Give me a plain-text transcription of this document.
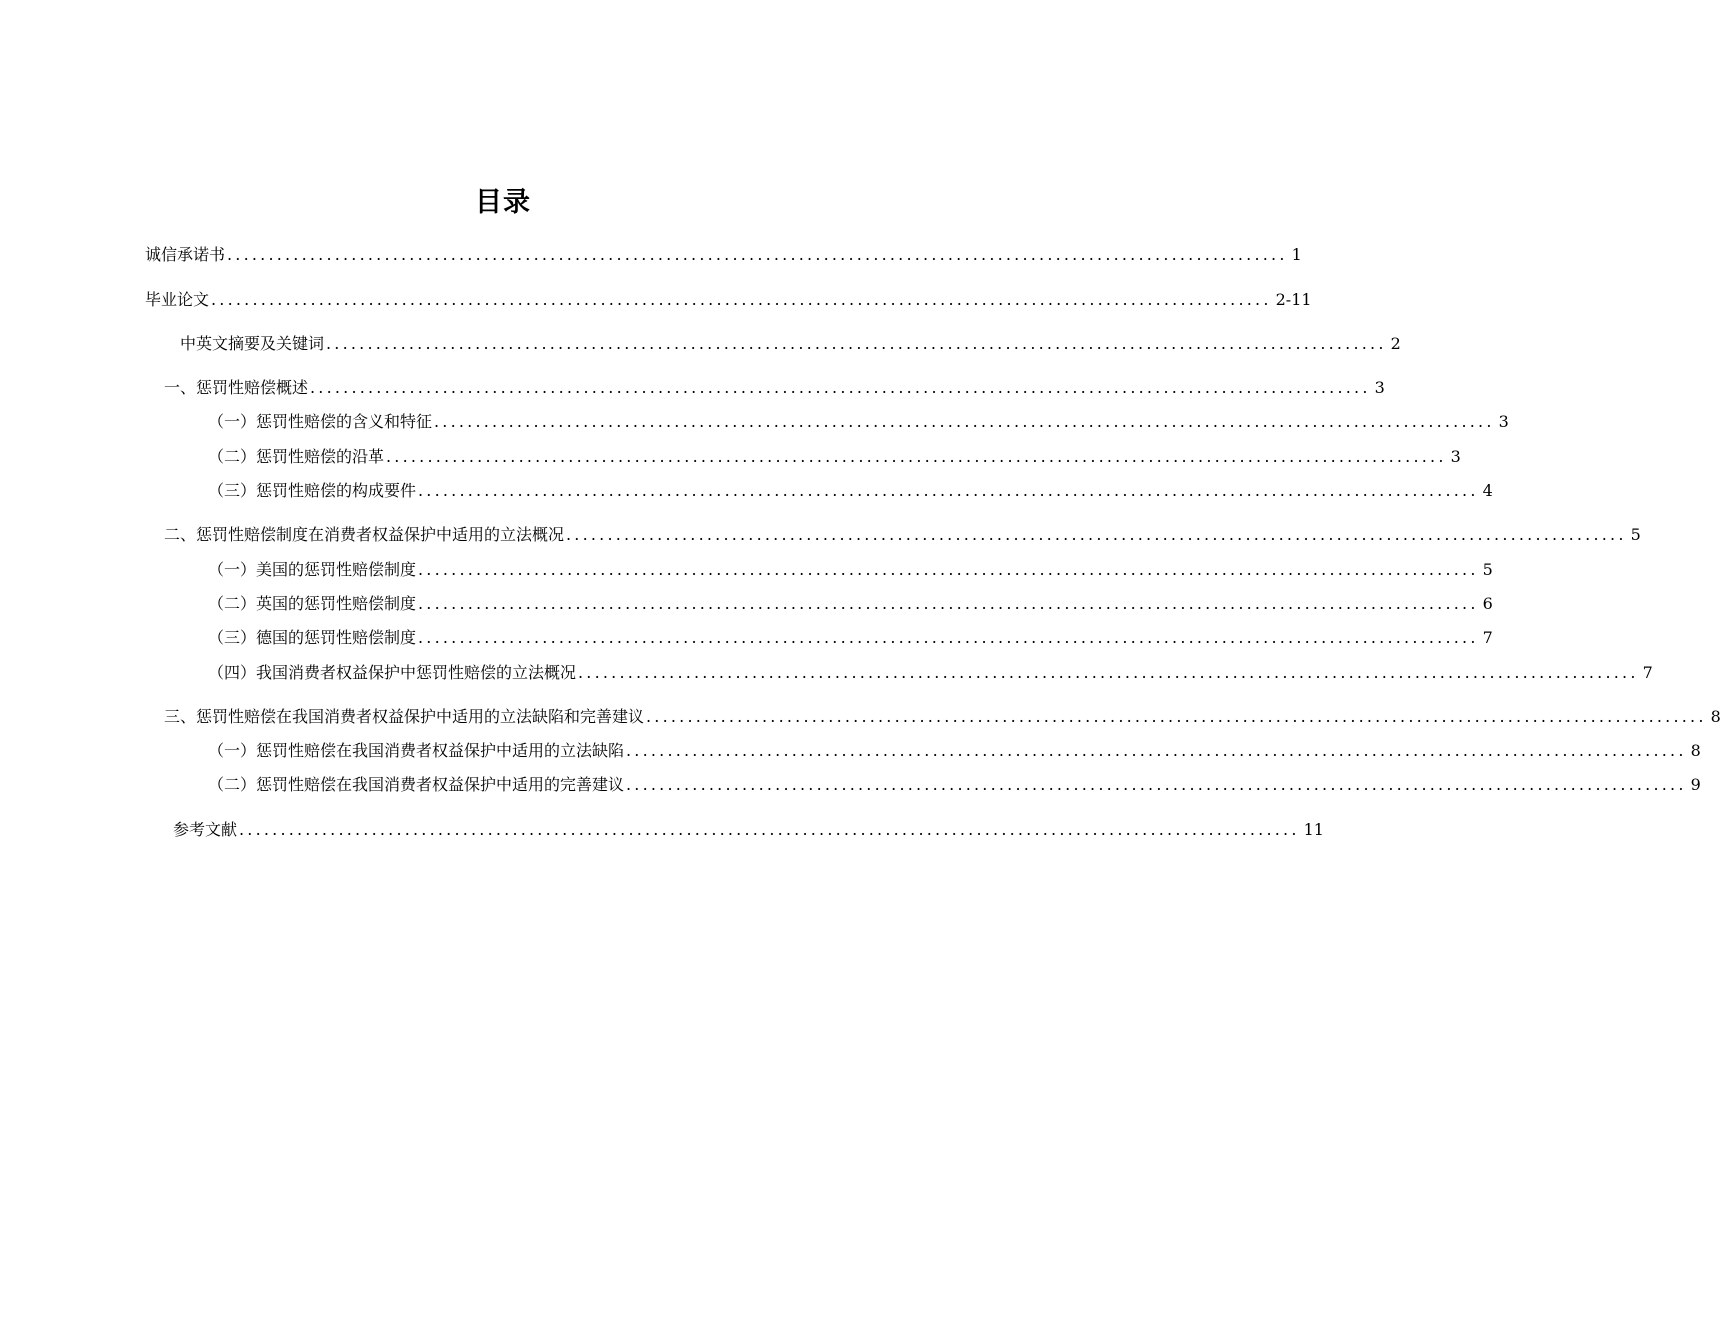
目录
诚信承诺书 ................................................................................................................................ 1
毕业论文 ................................................................................................................................ 2-11
中英文摘要及关键词 ................................................................................................................................ 2
一、惩罚性赔偿概述 ................................................................................................................................ 3
（一）惩罚性赔偿的含义和特征 ................................................................................................................................ 3
（二）惩罚性赔偿的沿革 ................................................................................................................................ 3
（三）惩罚性赔偿的构成要件 ................................................................................................................................ 4
二、惩罚性赔偿制度在消费者权益保护中适用的立法概况 ................................................................................................................................ 5
（一）美国的惩罚性赔偿制度 ................................................................................................................................ 5
（二）英国的惩罚性赔偿制度 ................................................................................................................................ 6
（三）德国的惩罚性赔偿制度 ................................................................................................................................ 7
（四）我国消费者权益保护中惩罚性赔偿的立法概况 ................................................................................................................................ 7
三、惩罚性赔偿在我国消费者权益保护中适用的立法缺陷和完善建议 ................................................................................................................................ 8
（一）惩罚性赔偿在我国消费者权益保护中适用的立法缺陷 ................................................................................................................................ 8
（二）惩罚性赔偿在我国消费者权益保护中适用的完善建议 ................................................................................................................................ 9
参考文献 ................................................................................................................................ 11
